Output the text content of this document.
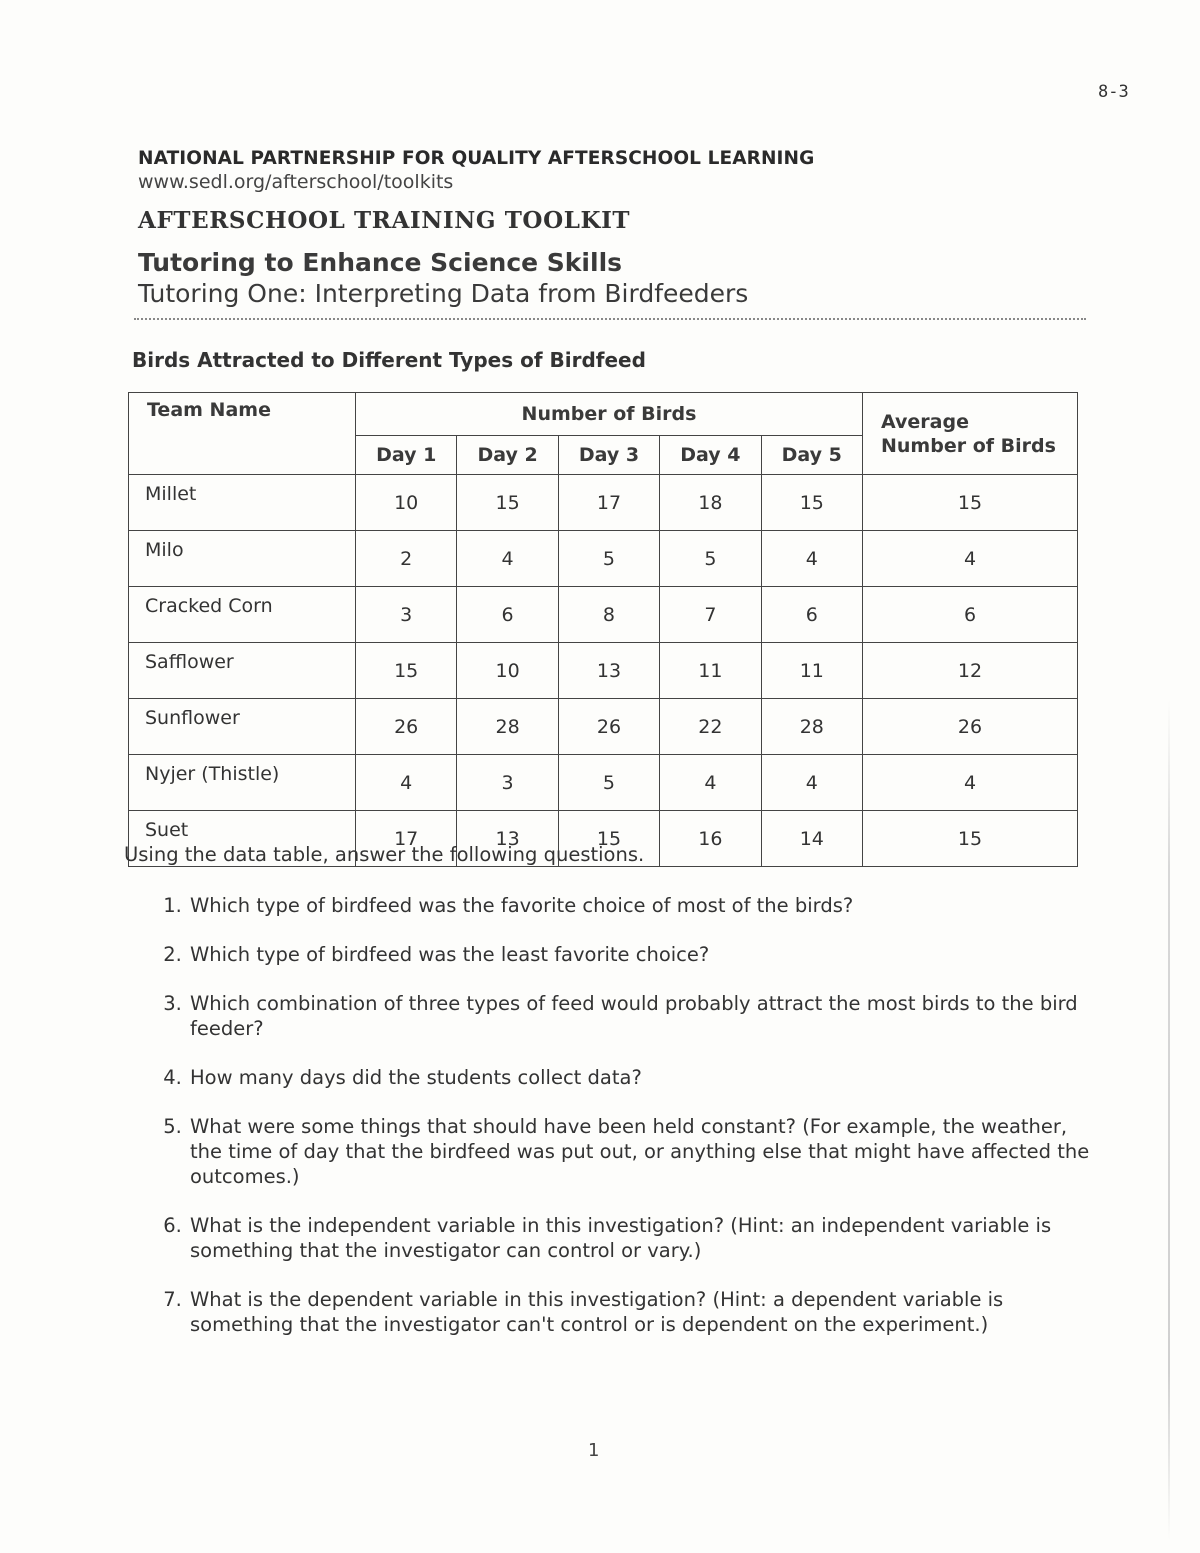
8-3
NATIONAL PARTNERSHIP FOR QUALITY AFTERSCHOOL LEARNING
www.sedl.org/afterschool/toolkits
AFTERSCHOOL TRAINING TOOLKIT
Tutoring to Enhance Science Skills
Tutoring One: Interpreting Data from Birdfeeders
Birds Attracted to Different Types of Birdfeed
Team Name	Number of Birds					Average Number of Birds
	Day 1	Day 2	Day 3	Day 4	Day 5	
Millet	10	15	17	18	15	15
Milo	2	4	5	5	4	4
Cracked Corn	3	6	8	7	6	6
Safflower	15	10	13	11	11	12
Sunflower	26	28	26	22	28	26
Nyjer (Thistle)	4	3	5	4	4	4
Suet	17	13	15	16	14	15
Using the data table, answer the following questions.
1. Which type of birdfeed was the favorite choice of most of the birds?
2. Which type of birdfeed was the least favorite choice?
3. Which combination of three types of feed would probably attract the most birds to the bird feeder?
4. How many days did the students collect data?
5. What were some things that should have been held constant? (For example, the weather, the time of day that the birdfeed was put out, or anything else that might have affected the outcomes.)
6. What is the independent variable in this investigation? (Hint: an independent variable is something that the investigator can control or vary.)
7. What is the dependent variable in this investigation? (Hint: a dependent variable is something that the investigator can't control or is dependent on the experiment.)
1
